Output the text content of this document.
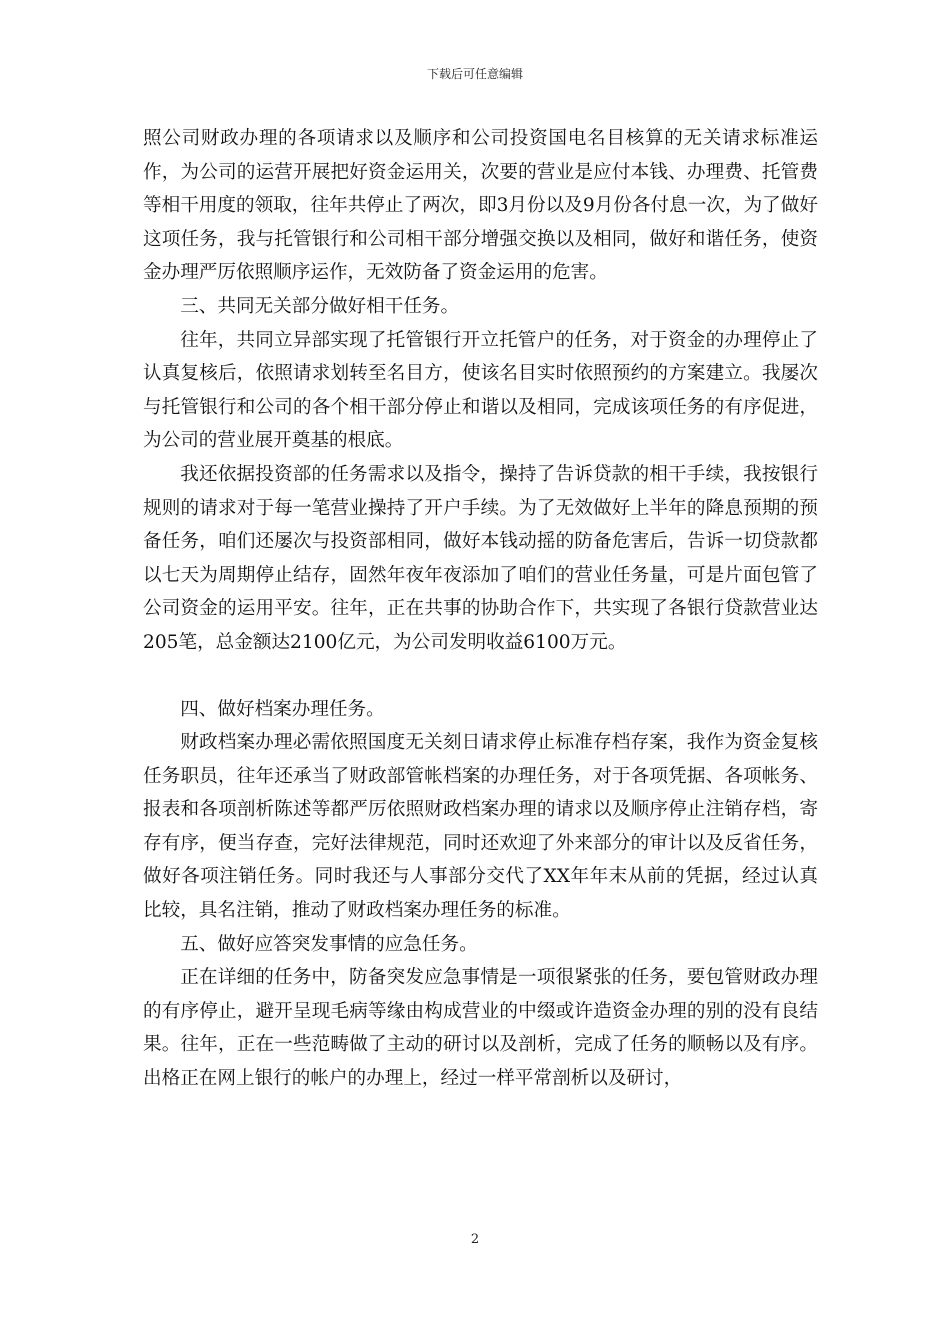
下载后可任意编辑

照公司财政办理的各项请求以及顺序和公司投资国电名目核算的无关请求标准运作，为公司的运营开展把好资金运用关，次要的营业是应付本钱、办理费、托管费等相干用度的领取，往年共停止了两次，即3月份以及9月份各付息一次，为了做好这项任务，我与托管银行和公司相干部分增强交换以及相同，做好和谐任务，使资金办理严厉依照顺序运作，无效防备了资金运用的危害。

三、共同无关部分做好相干任务。

往年，共同立异部实现了托管银行开立托管户的任务，对于资金的办理停止了认真复核后，依照请求划转至名目方，使该名目实时依照预约的方案建立。我屡次与托管银行和公司的各个相干部分停止和谐以及相同，完成该项任务的有序促进，为公司的营业展开奠基的根底。

我还依据投资部的任务需求以及指令，操持了告诉贷款的相干手续，我按银行规则的请求对于每一笔营业操持了开户手续。为了无效做好上半年的降息预期的预备任务，咱们还屡次与投资部相同，做好本钱动摇的防备危害后，告诉一切贷款都以七天为周期停止结存，固然年夜年夜添加了咱们的营业任务量，可是片面包管了公司资金的运用平安。往年，正在共事的协助合作下，共实现了各银行贷款营业达205笔，总金额达2100亿元，为公司发明收益6100万元。

四、做好档案办理任务。

财政档案办理必需依照国度无关刻日请求停止标准存档存案，我作为资金复核任务职员，往年还承当了财政部管帐档案的办理任务，对于各项凭据、各项帐务、报表和各项剖析陈述等都严厉依照财政档案办理的请求以及顺序停止注销存档，寄存有序，便当存查，完好法律规范，同时还欢迎了外来部分的审计以及反省任务，做好各项注销任务。同时我还与人事部分交代了XX年年末从前的凭据，经过认真比较，具名注销，推动了财政档案办理任务的标准。

五、做好应答突发事情的应急任务。

正在详细的任务中，防备突发应急事情是一项很紧张的任务，要包管财政办理的有序停止，避开呈现毛病等缘由构成营业的中缀或许造资金办理的别的没有良结果。往年，正在一些范畴做了主动的研讨以及剖析，完成了任务的顺畅以及有序。出格正在网上银行的帐户的办理上，经过一样平常剖析以及研讨，

2
